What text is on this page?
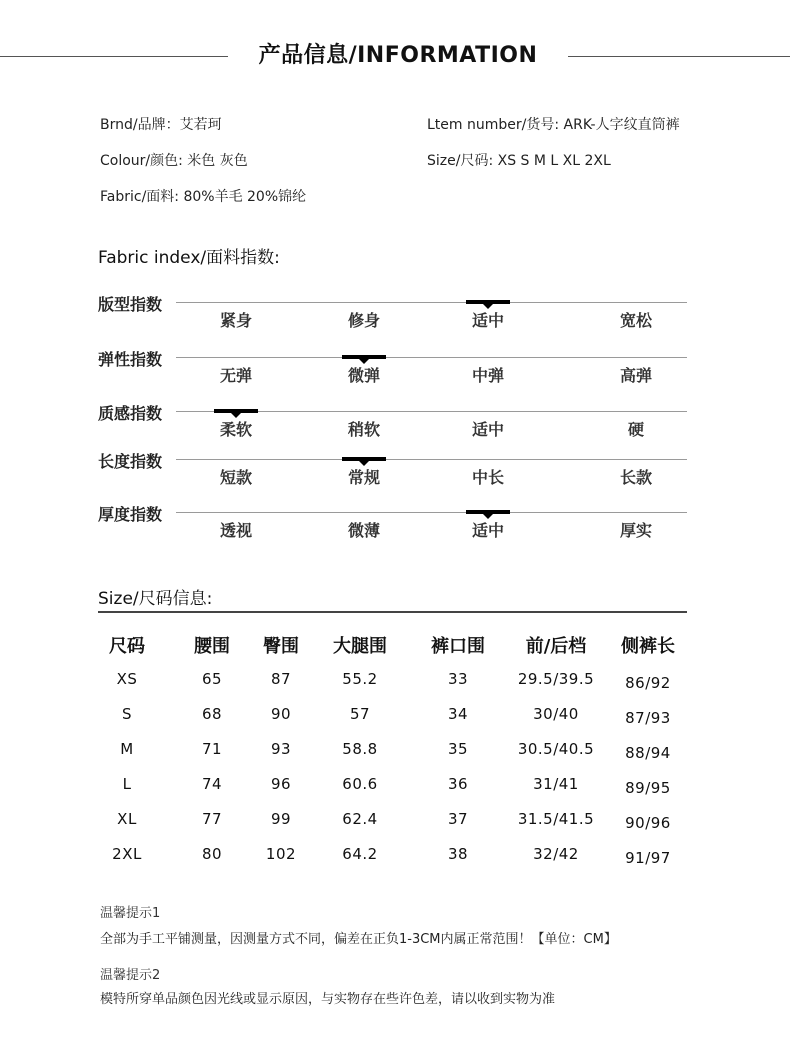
产品信息/INFORMATION
Brnd/品牌：艾若珂	Ltem number/货号: ARK-人字纹直筒裤
Colour/颜色: 米色 灰色	Size/尺码: XS S M L XL 2XL
Fabric/面料: 80%羊毛 20%锦纶
Fabric index/面料指数:
版型指数
紧身	修身	适中	宽松
弹性指数
无弹	微弹	中弹	高弹
质感指数
柔软	稍软	适中	硬
长度指数
短款	常规	中长	长款
厚度指数
透视	微薄	适中	厚实
Size/尺码信息:
尺码	腰围	臀围	大腿围	裤口围	前/后档	侧裤长
XS	65	87	55.2	33	29.5/39.5	86/92
S	68	90	57	34	30/40	87/93
M	71	93	58.8	35	30.5/40.5	88/94
L	74	96	60.6	36	31/41	89/95
XL	77	99	62.4	37	31.5/41.5	90/96
2XL	80	102	64.2	38	32/42	91/97
温馨提示1
全部为手工平铺测量，因测量方式不同，偏差在正负1-3CM内属正常范围！【单位：CM】
温馨提示2
模特所穿单品颜色因光线或显示原因，与实物存在些许色差，请以收到实物为准
